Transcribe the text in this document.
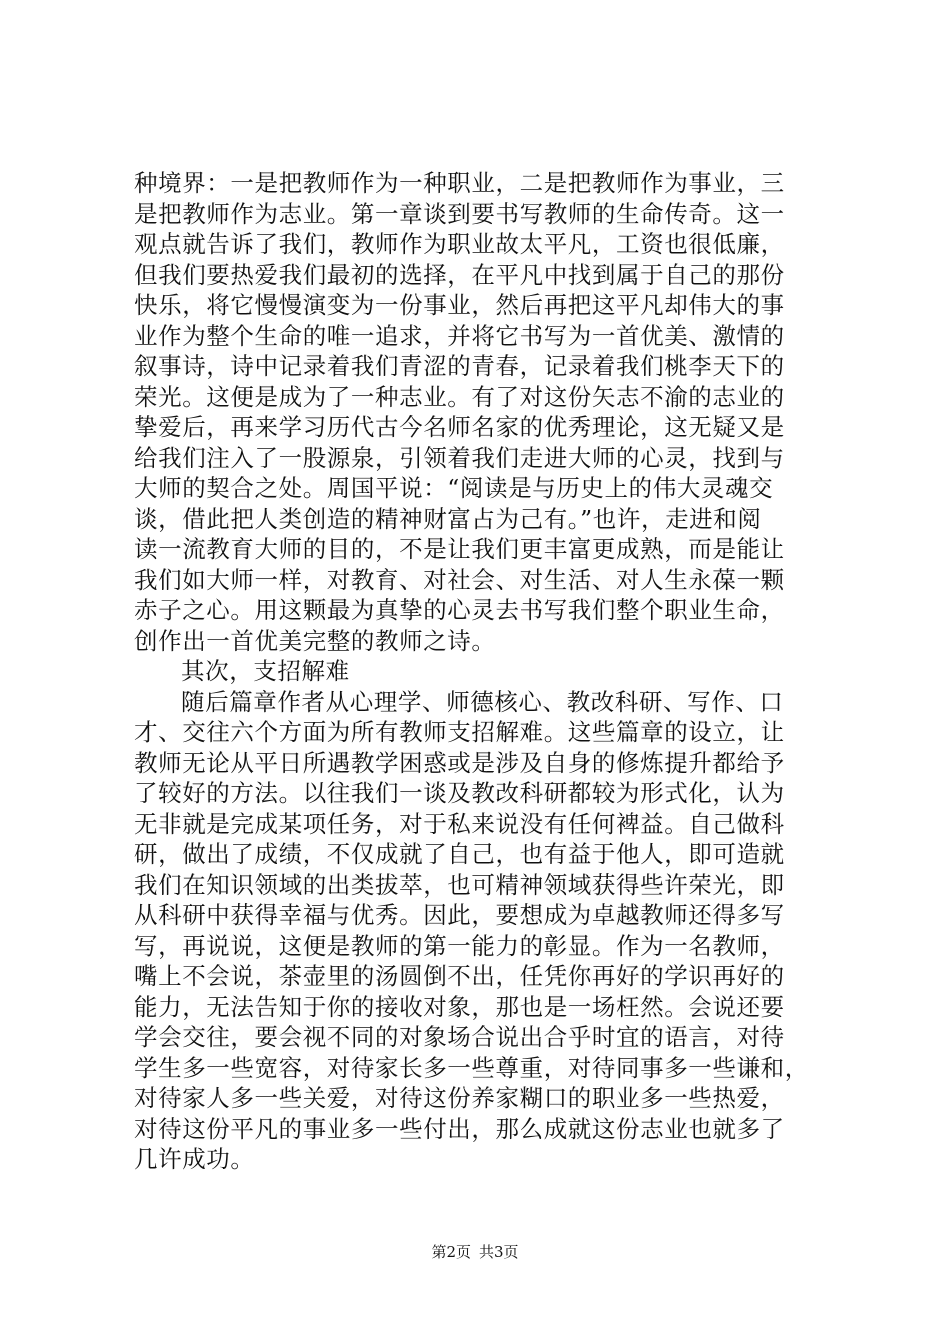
种境界：一是把教师作为一种职业，二是把教师作为事业，三
是把教师作为志业。第一章谈到要书写教师的生命传奇。这一
观点就告诉了我们，教师作为职业故太平凡，工资也很低廉，
但我们要热爱我们最初的选择，在平凡中找到属于自己的那份
快乐，将它慢慢演变为一份事业，然后再把这平凡却伟大的事
业作为整个生命的唯一追求，并将它书写为一首优美、激情的
叙事诗，诗中记录着我们青涩的青春，记录着我们桃李天下的
荣光。这便是成为了一种志业。有了对这份矢志不渝的志业的
挚爱后，再来学习历代古今名师名家的优秀理论，这无疑又是
给我们注入了一股源泉，引领着我们走进大师的心灵，找到与
大师的契合之处。周国平说：“阅读是与历史上的伟大灵魂交
谈，借此把人类创造的精神财富占为己有。”也许，走进和阅
读一流教育大师的目的，不是让我们更丰富更成熟，而是能让
我们如大师一样，对教育、对社会、对生活、对人生永葆一颗
赤子之心。用这颗最为真挚的心灵去书写我们整个职业生命，
创作出一首优美完整的教师之诗。
其次，支招解难
随后篇章作者从心理学、师德核心、教改科研、写作、口
才、交往六个方面为所有教师支招解难。这些篇章的设立，让
教师无论从平日所遇教学困惑或是涉及自身的修炼提升都给予
了较好的方法。以往我们一谈及教改科研都较为形式化，认为
无非就是完成某项任务，对于私来说没有任何裨益。自己做科
研，做出了成绩，不仅成就了自己，也有益于他人，即可造就
我们在知识领域的出类拔萃，也可精神领域获得些许荣光，即
从科研中获得幸福与优秀。因此，要想成为卓越教师还得多写
写，再说说，这便是教师的第一能力的彰显。作为一名教师，
嘴上不会说，茶壶里的汤圆倒不出，任凭你再好的学识再好的
能力，无法告知于你的接收对象，那也是一场枉然。会说还要
学会交往，要会视不同的对象场合说出合乎时宜的语言，对待
学生多一些宽容，对待家长多一些尊重，对待同事多一些谦和，
对待家人多一些关爱，对待这份养家糊口的职业多一些热爱，
对待这份平凡的事业多一些付出，那么成就这份志业也就多了
几许成功。
第2页 共3页
